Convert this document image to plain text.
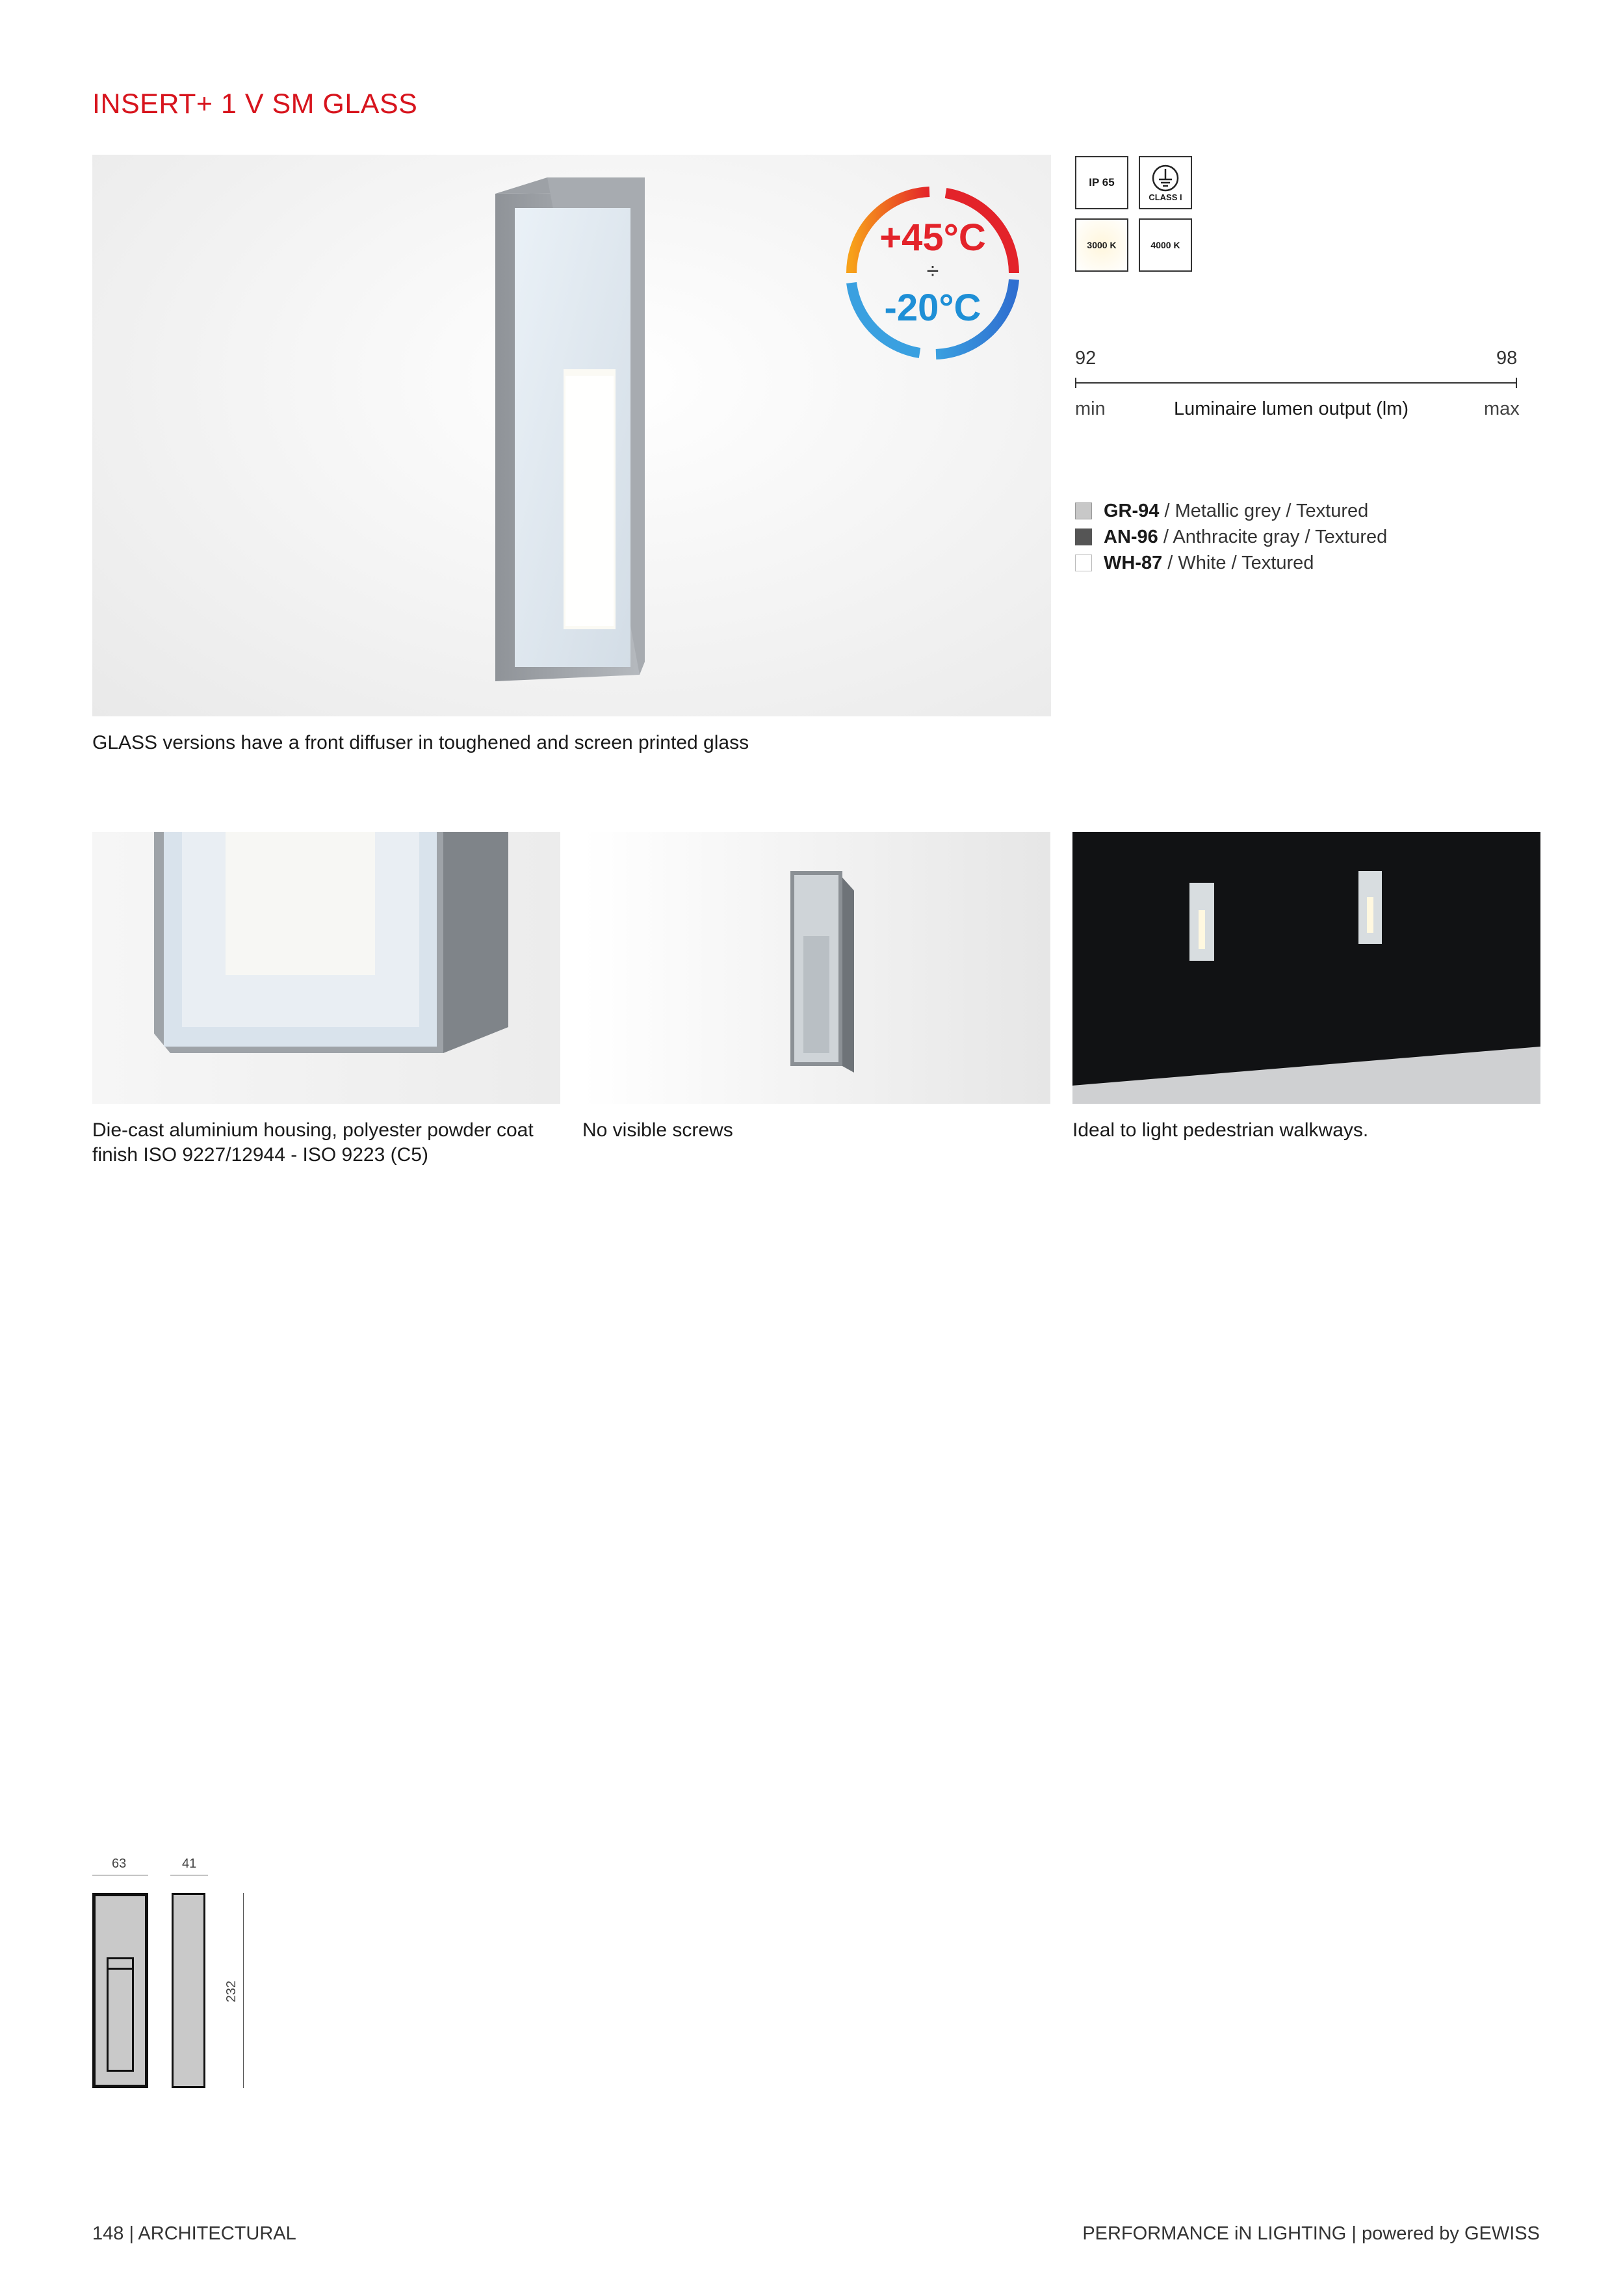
INSERT+ 1 V SM GLASS
+45°C
÷
-20°C
GLASS versions have a front diffuser in toughened and screen printed glass
IP 65
CLASS I
3000 K	4000 K
92	98
min	Luminaire lumen output (lm)	max
GR-94 / Metallic grey / Textured
AN-96 / Anthracite gray / Textured
WH-87 / White / Textured
Die-cast aluminium housing, polyester powder coat finish ISO 9227/12944 - ISO 9223 (C5)
No visible screws	Ideal to light pedestrian walkways.
63	41
232
148 | ARCHITECTURAL	PERFORMANCE iN LIGHTING | powered by GEWISS
